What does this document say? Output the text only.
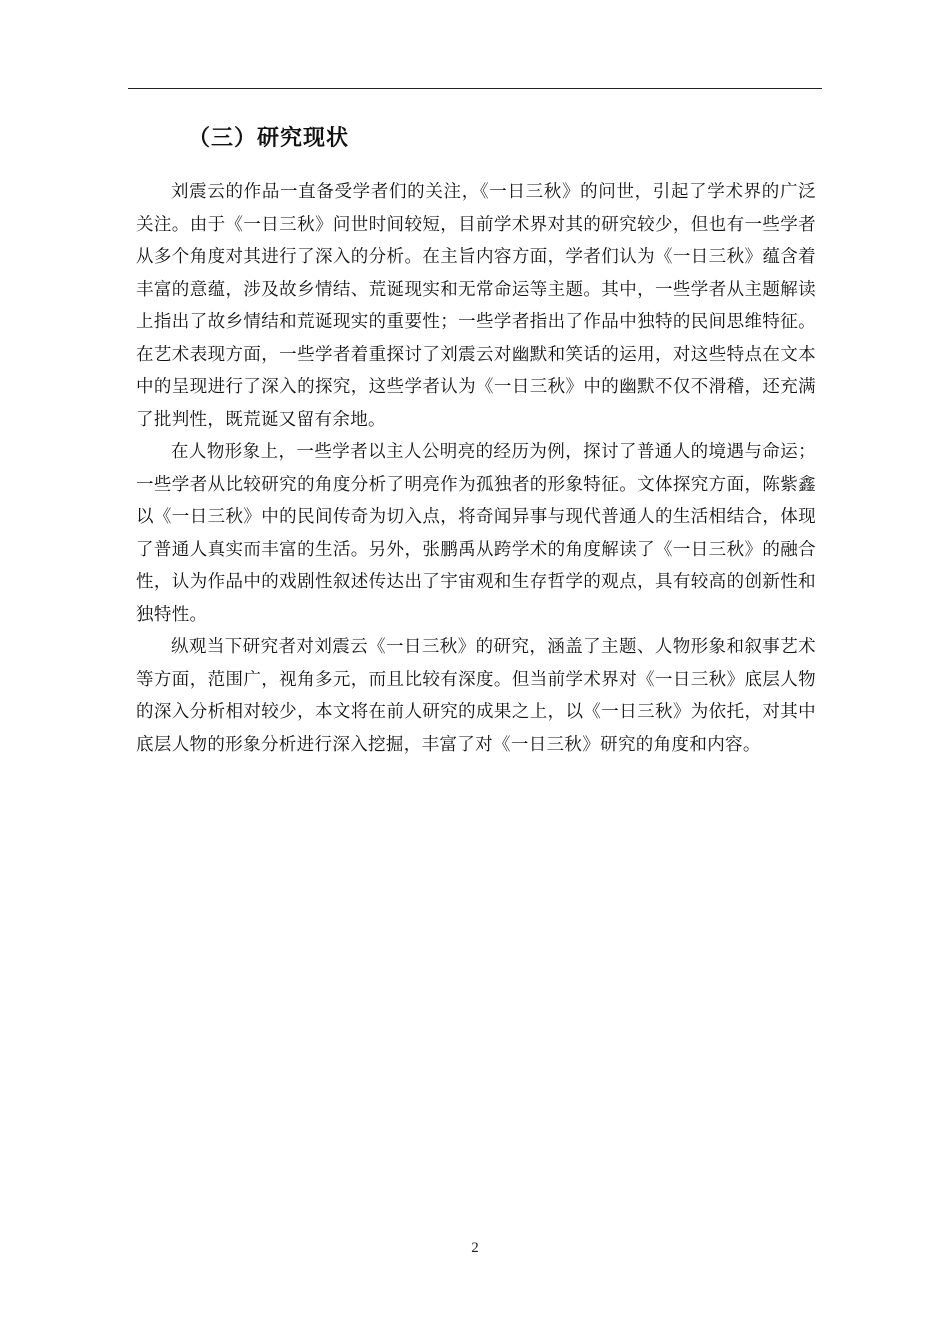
（三）研究现状

刘震云的作品一直备受学者们的关注，《一日三秋》的问世，引起了学术界的广泛关注。由于《一日三秋》问世时间较短，目前学术界对其的研究较少，但也有一些学者从多个角度对其进行了深入的分析。在主旨内容方面，学者们认为《一日三秋》蕴含着丰富的意蕴，涉及故乡情结、荒诞现实和无常命运等主题。其中，一些学者从主题解读上指出了故乡情结和荒诞现实的重要性；一些学者指出了作品中独特的民间思维特征。在艺术表现方面，一些学者着重探讨了刘震云对幽默和笑话的运用，对这些特点在文本中的呈现进行了深入的探究，这些学者认为《一日三秋》中的幽默不仅不滑稽，还充满了批判性，既荒诞又留有余地。

在人物形象上，一些学者以主人公明亮的经历为例，探讨了普通人的境遇与命运；一些学者从比较研究的角度分析了明亮作为孤独者的形象特征。文体探究方面，陈紫鑫以《一日三秋》中的民间传奇为切入点，将奇闻异事与现代普通人的生活相结合，体现了普通人真实而丰富的生活。另外，张鹏禹从跨学术的角度解读了《一日三秋》的融合性，认为作品中的戏剧性叙述传达出了宇宙观和生存哲学的观点，具有较高的创新性和独特性。

纵观当下研究者对刘震云《一日三秋》的研究，涵盖了主题、人物形象和叙事艺术等方面，范围广，视角多元，而且比较有深度。但当前学术界对《一日三秋》底层人物的深入分析相对较少，本文将在前人研究的成果之上，以《一日三秋》为依托，对其中底层人物的形象分析进行深入挖掘，丰富了对《一日三秋》研究的角度和内容。

2
